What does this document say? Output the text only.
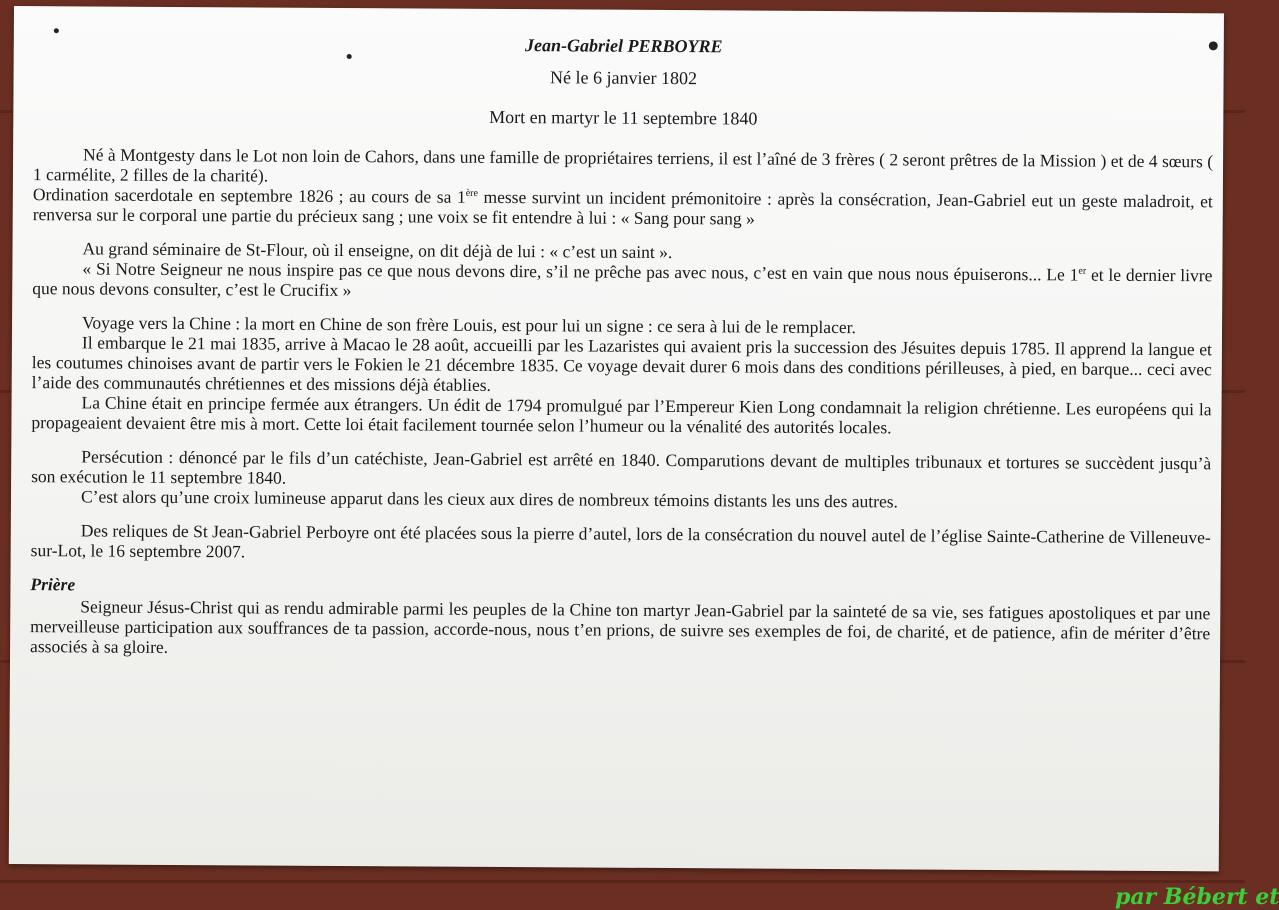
Jean-Gabriel PERBOYRE
Né le 6 janvier 1802
Mort en martyr le 11 septembre 1840

Né à Montgesty dans le Lot non loin de Cahors, dans une famille de propriétaires terriens, il est l’aîné de 3 frères ( 2 seront prêtres de la Mission ) et de 4 sœurs ( 1 carmélite, 2 filles de la charité).

Ordination sacerdotale en septembre 1826 ; au cours de sa 1ère messe survint un incident prémonitoire : après la consécration, Jean-Gabriel eut un geste maladroit, et renversa sur le corporal une partie du précieux sang ; une voix se fit entendre à lui : « Sang pour sang »

Au grand séminaire de St-Flour, où il enseigne, on dit déjà de lui : « c’est un saint ».

« Si Notre Seigneur ne nous inspire pas ce que nous devons dire, s’il ne prêche pas avec nous, c’est en vain que nous nous épuiserons... Le 1er et le dernier livre que nous devons consulter, c’est le Crucifix »

Voyage vers la Chine : la mort en Chine de son frère Louis, est pour lui un signe : ce sera à lui de le remplacer.

Il embarque le 21 mai 1835, arrive à Macao le 28 août, accueilli par les Lazaristes qui avaient pris la succession des Jésuites depuis 1785. Il apprend la langue et les coutumes chinoises avant de partir vers le Fokien le 21 décembre 1835. Ce voyage devait durer 6 mois dans des conditions périlleuses, à pied, en barque... ceci avec l’aide des communautés chrétiennes et des missions déjà établies.

La Chine était en principe fermée aux étrangers. Un édit de 1794 promulgué par l’Empereur Kien Long condamnait la religion chrétienne. Les européens qui la propageaient devaient être mis à mort. Cette loi était facilement tournée selon l’humeur ou la vénalité des autorités locales.

Persécution : dénoncé par le fils d’un catéchiste, Jean-Gabriel est arrêté en 1840. Comparutions devant de multiples tribunaux et tortures se succèdent jusqu’à son exécution le 11 septembre 1840.

C’est alors qu’une croix lumineuse apparut dans les cieux aux dires de nombreux témoins distants les uns des autres.

Des reliques de St Jean-Gabriel Perboyre ont été placées sous la pierre d’autel, lors de la consécration du nouvel autel de l’église Sainte-Catherine de Villeneuve-sur-Lot, le 16 septembre 2007.

Prière

Seigneur Jésus-Christ qui as rendu admirable parmi les peuples de la Chine ton martyr Jean-Gabriel par la sainteté de sa vie, ses fatigues apostoliques et par une merveilleuse participation aux souffrances de ta passion, accorde-nous, nous t’en prions, de suivre ses exemples de foi, de charité, et de patience, afin de mériter d’être associés à sa gloire.

par Bébert et
